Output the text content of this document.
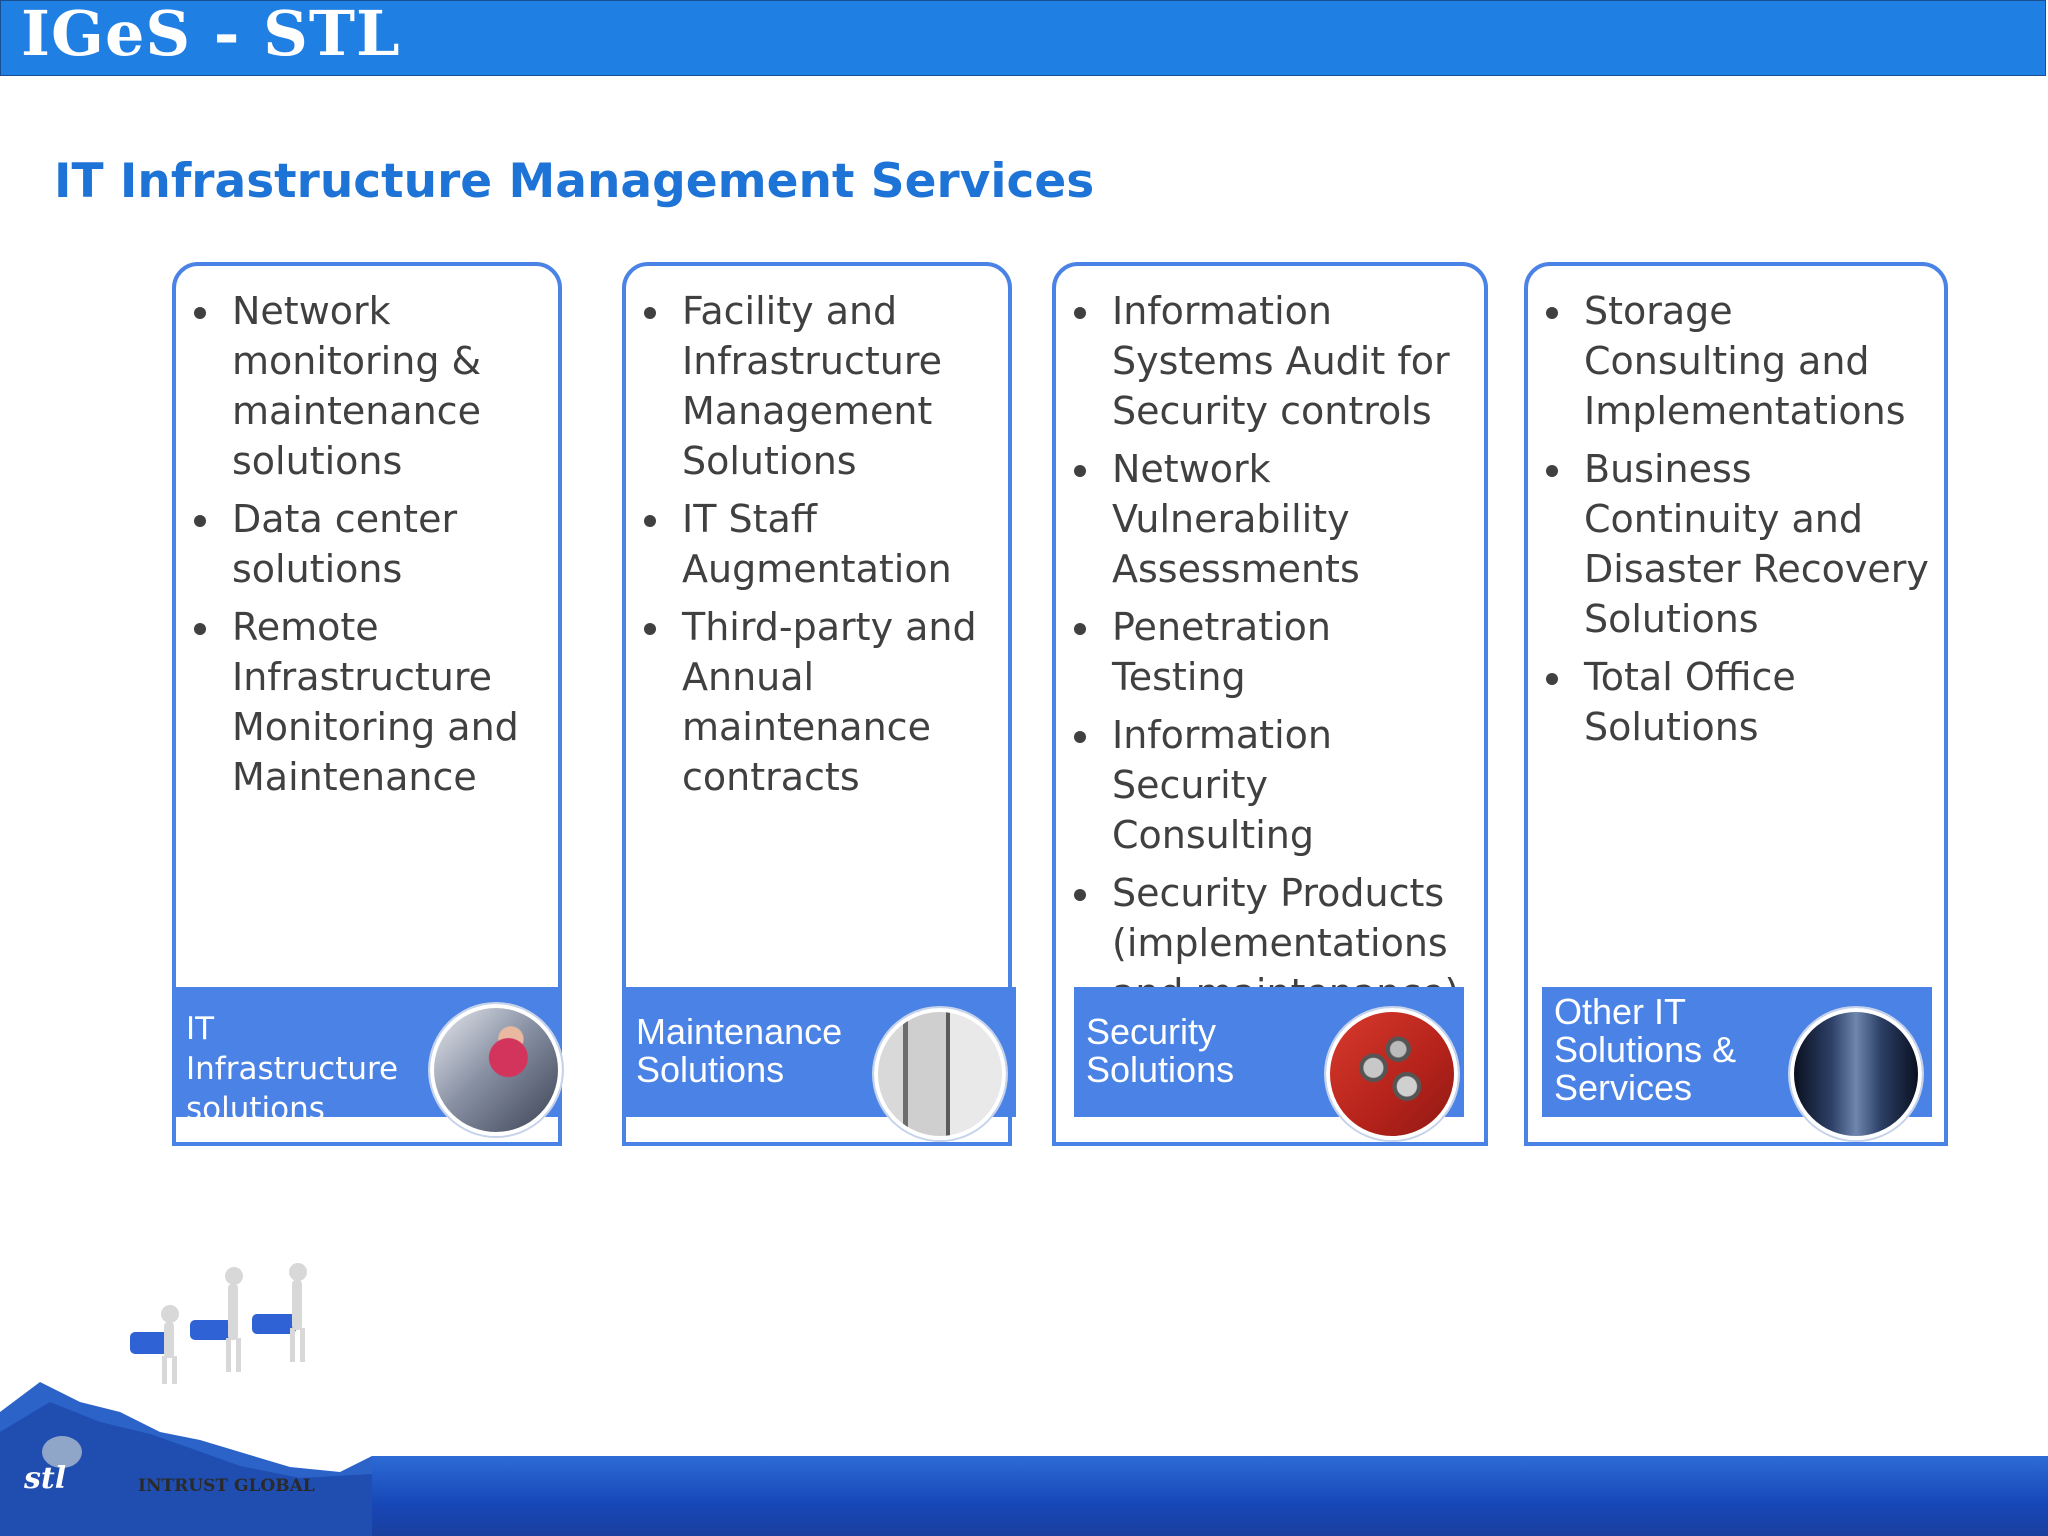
IGeS - STL
IT Infrastructure Management Services
Network monitoring & maintenance solutions
Data center solutions
Remote Infrastructure Monitoring and Maintenance
IT Infrastructure solutions
Facility and Infrastructure Management Solutions
IT Staff Augmentation
Third-party and Annual maintenance contracts
Maintenance Solutions
Information Systems Audit for Security controls
Network Vulnerability Assessments
Penetration Testing
Information Security Consulting
Security Products (implementations
Security Solutions
Storage Consulting and Implementations
Business Continuity and Disaster Recovery Solutions
Total Office Solutions
Other IT Solutions & Services
stl	INTRUST GLOBAL
